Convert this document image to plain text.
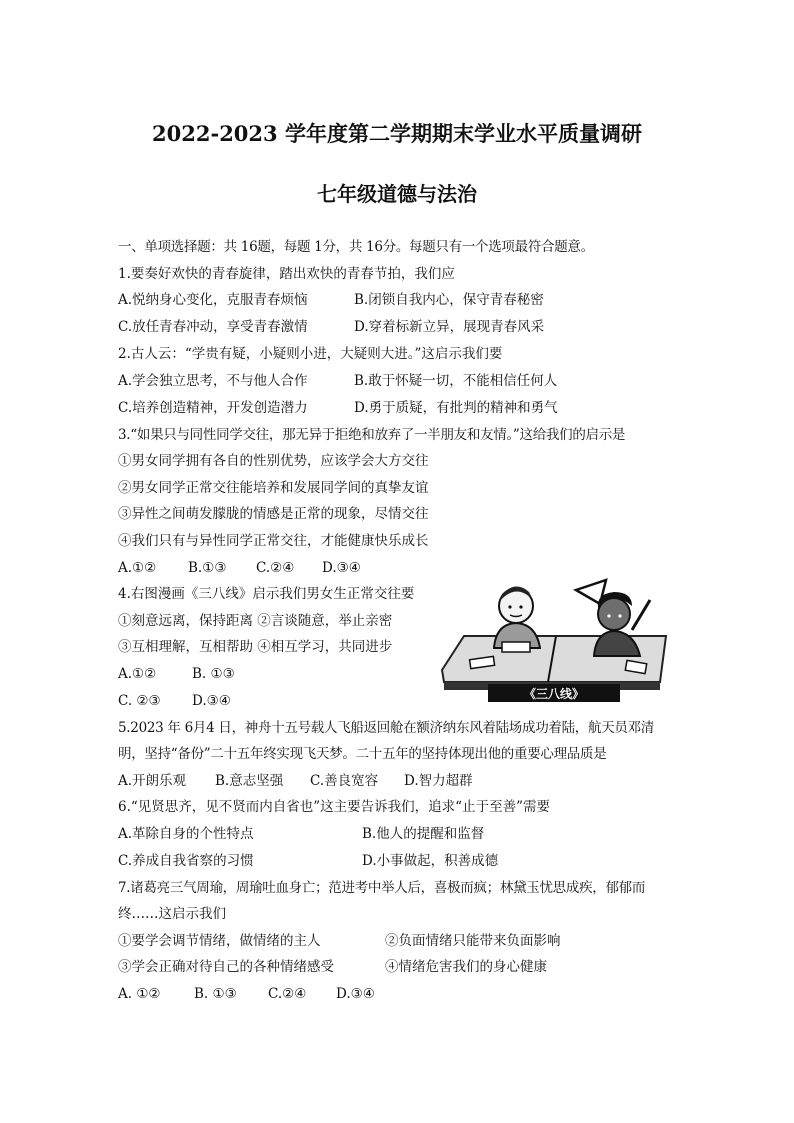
2022-2023 学年度第二学期期末学业水平质量调研
七年级道德与法治
一、单项选择题：共 16题，每题 1分，共 16分。每题只有一个选项最符合题意。
1.要奏好欢快的青春旋律，踏出欢快的青春节拍，我们应
A.悦纳身心变化，克服青春烦恼	B.闭锁自我内心，保守青春秘密
C.放任青春冲动，享受青春激情	D.穿着标新立异，展现青春风采
2.古人云：“学贵有疑，小疑则小进，大疑则大进。”这启示我们要
A.学会独立思考，不与他人合作	B.敢于怀疑一切，不能相信任何人
C.培养创造精神，开发创造潜力	D.勇于质疑，有批判的精神和勇气
3.“如果只与同性同学交往，那无异于拒绝和放弃了一半朋友和友情。”这给我们的启示是
①男女同学拥有各自的性别优势，应该学会大方交往
②男女同学正常交往能培养和发展同学间的真挚友谊
③异性之间萌发朦胧的情感是正常的现象，尽情交往
④我们只有与异性同学正常交往，才能健康快乐成长
A.①② B.①③ C.②④ D.③④
4.右图漫画《三八线》启示我们男女生正常交往要
①刻意远离，保持距离 ②言谈随意，举止亲密
③互相理解，互相帮助 ④相互学习，共同进步
A.①②	B. ①③
C. ②③ D.③④	《三八线》
5.2023 年 6月4 日，神舟十五号载人飞船返回舱在额济纳东风着陆场成功着陆，航天员邓清
明，坚持“备份”二十五年终实现飞天梦。二十五年的坚持体现出他的重要心理品质是
A.开朗乐观 B.意志坚强 C.善良宽容 D.智力超群
6.“见贤思齐，见不贤而内自省也”这主要告诉我们，追求“止于至善”需要
A.革除自身的个性特点	B.他人的提醒和监督
C.养成自我省察的习惯	D.小事做起，积善成德
7.诸葛亮三气周瑜，周瑜吐血身亡；范进考中举人后，喜极而疯；林黛玉忧思成疾，郁郁而
终……这启示我们
①要学会调节情绪，做情绪的主人	②负面情绪只能带来负面影响
③学会正确对待自己的各种情绪感受	④情绪危害我们的身心健康
A. ①② B. ①③ C.②④ D.③④
